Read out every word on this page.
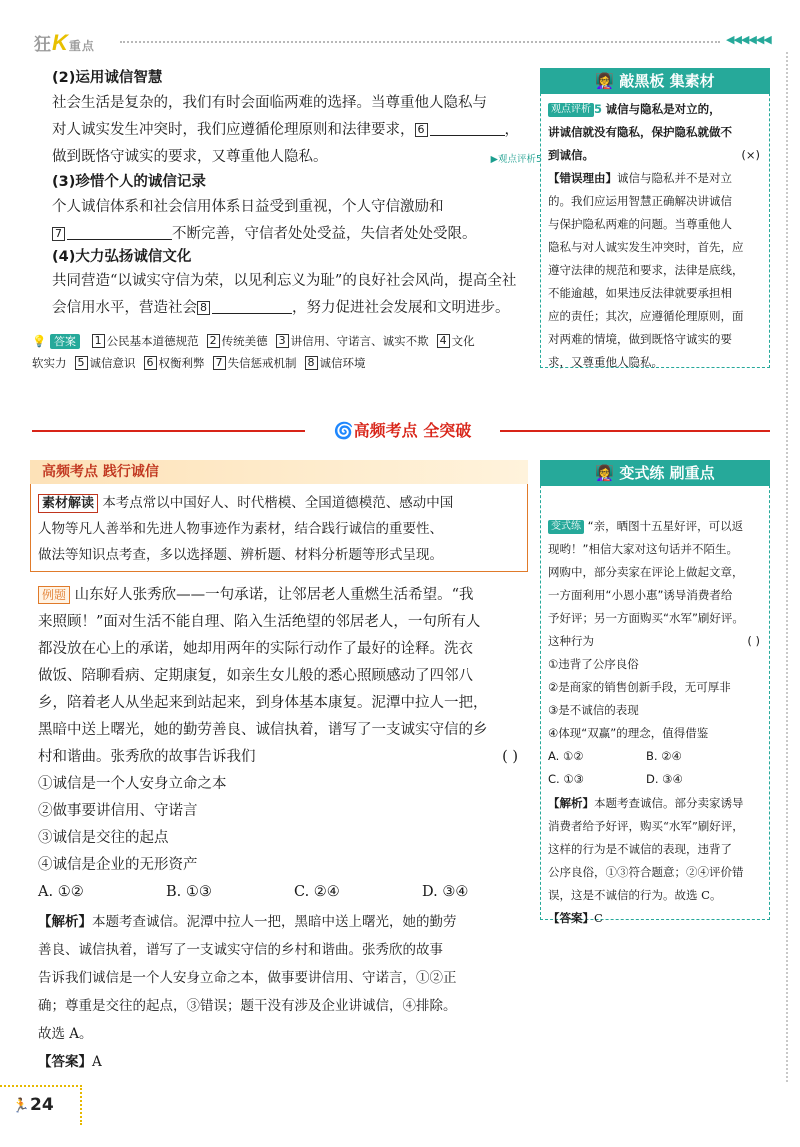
狂K重点	◀◀◀◀◀◀
(2)运用诚信智慧
社会生活是复杂的，我们有时会面临两难的选择。当尊重他人隐私与
对人诚实发生冲突时，我们应遵循伦理原则和法律要求， 6	，
做到既恪守诚实的要求，又尊重他人隐私。	▶观点评析5
(3)珍惜个人的诚信记录
个人诚信体系和社会信用体系日益受到重视，个人守信激励和
7	不断完善，守信者处处受益，失信者处处受限。
(4)大力弘扬诚信文化
共同营造“以诚实守信为荣，以见利忘义为耻”的良好社会风尚，提高全社
会信用水平，营造社会 8	，努力促进社会发展和文明进步。
💡 答案 1 公民基本道德规范 2 传统美德 3 讲信用、守诺言、诚实不欺 4 文化
软实力 5 诚信意识 6 权衡利弊 7 失信惩戒机制 8 诚信环境
👩‍🏫 敲黑板 集素材
观点评析 5 诚信与隐私是对立的，
讲诚信就没有隐私，保护隐私就做不
到诚信。	(×)
【错误理由】诚信与隐私并不是对立
的。我们应运用智慧正确解决讲诚信
与保护隐私两难的问题。当尊重他人
隐私与对人诚实发生冲突时，首先，应
遵守法律的规范和要求，法律是底线，
不能逾越，如果违反法律就要承担相
应的责任；其次，应遵循伦理原则，面
对两难的情境，做到既恪守诚实的要
求，又尊重他人隐私。
🌀高频考点 全突破
高频考点 践行诚信
素材解读 本考点常以中国好人、时代楷模、全国道德模范、感动中国
人物等凡人善举和先进人物事迹作为素材，结合践行诚信的重要性、
做法等知识点考查，多以选择题、辨析题、材料分析题等形式呈现。
例题 山东好人张秀欣——一句承诺，让邻居老人重燃生活希望。“我
来照顾！”面对生活不能自理、陷入生活绝望的邻居老人，一句所有人
都没放在心上的承诺，她却用两年的实际行动作了最好的诠释。洗衣
做饭、陪聊看病、定期康复，如亲生女儿般的悉心照顾感动了四邻八
乡，陪着老人从坐起来到站起来，到身体基本康复。泥潭中拉人一把，
黑暗中送上曙光，她的勤劳善良、诚信执着，谱写了一支诚实守信的乡
村和谐曲。张秀欣的故事告诉我们	( )
①诚信是一个人安身立命之本
②做事要讲信用、守诺言
③诚信是交往的起点
④诚信是企业的无形资产
A. ①②	B. ①③	C. ②④	D. ③④
【解析】本题考查诚信。泥潭中拉人一把，黑暗中送上曙光，她的勤劳
善良、诚信执着，谱写了一支诚实守信的乡村和谐曲。张秀欣的故事
告诉我们诚信是一个人安身立命之本，做事要讲信用、守诺言，①②正
确；尊重是交往的起点，③错误；题干没有涉及企业讲诚信，④排除。
故选 A。
【答案】A
👩‍🏫 变式练 刷重点
变式练 “亲，晒图十五星好评，可以返
现哟！”相信大家对这句话并不陌生。
网购中，部分卖家在评论上做起文章，
一方面利用“小恩小惠”诱导消费者给
予好评；另一方面购买“水军”刷好评。
这种行为	( )
①违背了公序良俗
②是商家的销售创新手段，无可厚非
③是不诚信的表现
④体现“双赢”的理念，值得借鉴
A. ①②	B. ②④
C. ①③	D. ③④
【解析】本题考查诚信。部分卖家诱导
消费者给予好评，购买“水军”刷好评，
这样的行为是不诚信的表现，违背了
公序良俗，①③符合题意；②④评价错
误，这是不诚信的行为。故选 C。
【答案】C
🏃 24
